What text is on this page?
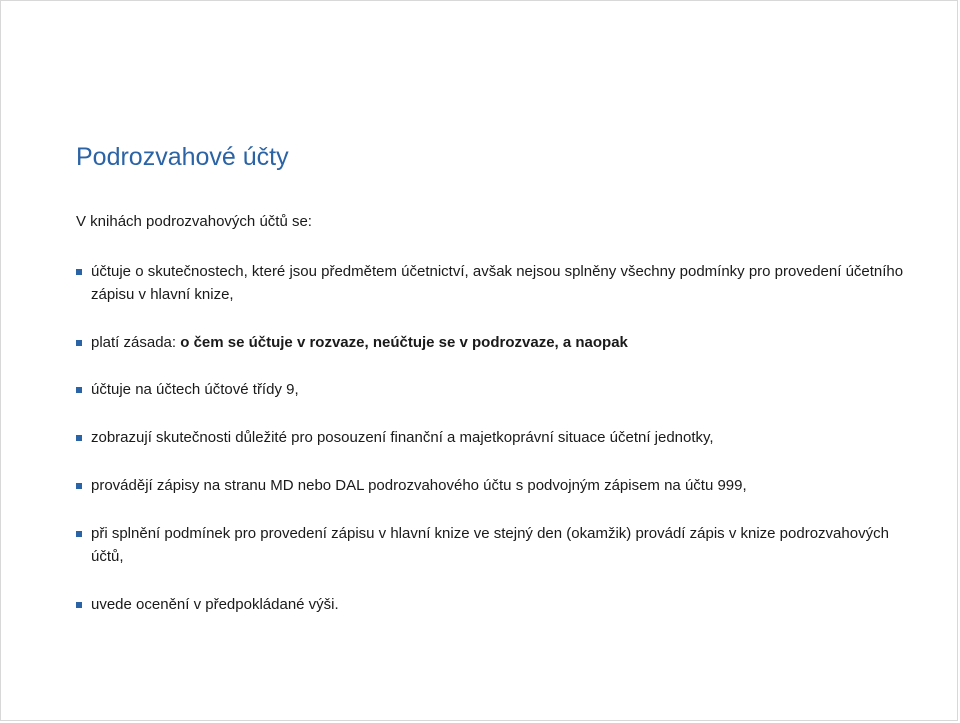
Podrozvahové účty

V knihách podrozvahových účtů se:

účtuje o skutečnostech, které jsou předmětem účetnictví, avšak nejsou splněny všechny podmínky pro provedení účetního zápisu v hlavní knize,
platí zásada: o čem se účtuje v rozvaze, neúčtuje se v podrozvaze, a naopak
účtuje na účtech účtové třídy 9,
zobrazují skutečnosti důležité pro posouzení finanční a majetkoprávní situace účetní jednotky,
provádějí zápisy na stranu MD nebo DAL podrozvahového účtu s podvojným zápisem na účtu 999,
při splnění podmínek pro provedení zápisu v hlavní knize ve stejný den (okamžik) provádí zápis v knize podrozvahových účtů,
uvede ocenění v předpokládané výši.
